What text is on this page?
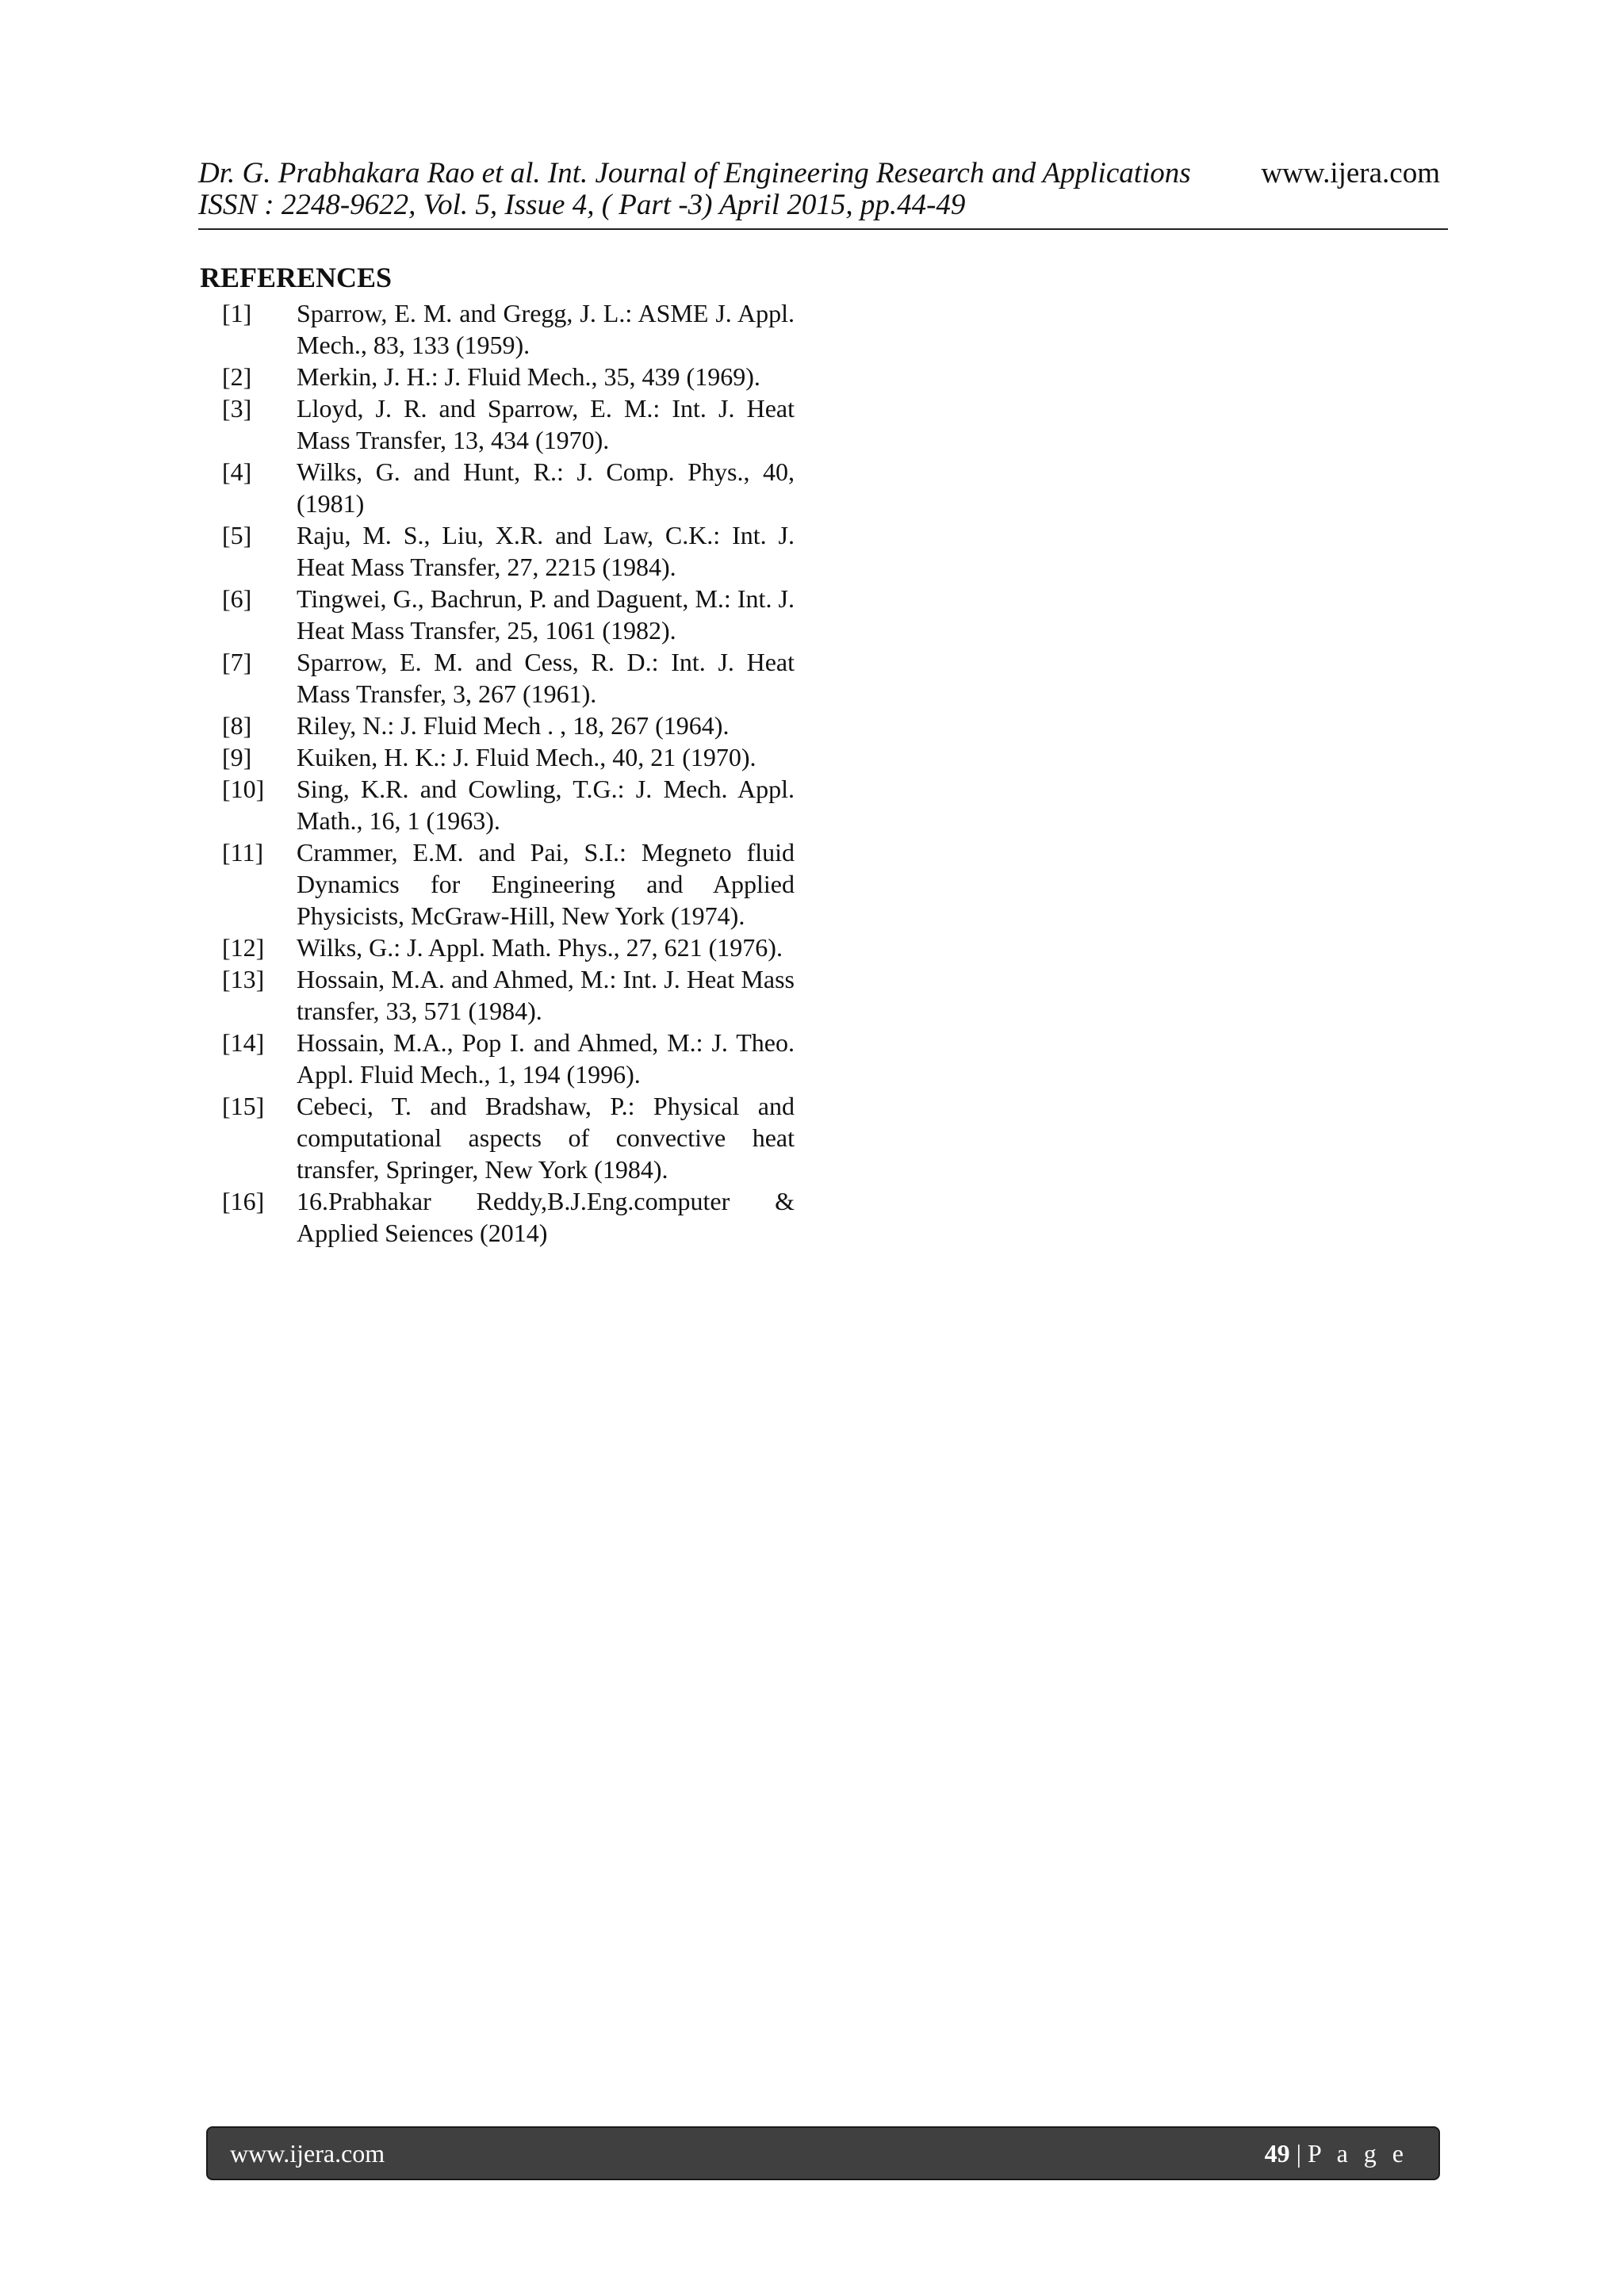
Dr. G. Prabhakara Rao et al. Int. Journal of Engineering Research and Applications www.ijera.com
ISSN : 2248-9622, Vol. 5, Issue 4, ( Part -3) April 2015, pp.44-49
REFERENCES
[1]	Sparrow, E. M. and Gregg, J. L.: ASME J. Appl. Mech., 83, 133 (1959).
[2]	Merkin, J. H.: J. Fluid Mech., 35, 439 (1969).
[3]	Lloyd, J. R. and Sparrow, E. M.: Int. J. Heat Mass Transfer, 13, 434 (1970).
[4]	Wilks, G. and Hunt, R.: J. Comp. Phys., 40, (1981)
[5]	Raju, M. S., Liu, X.R. and Law, C.K.: Int. J. Heat Mass Transfer, 27, 2215 (1984).
[6]	Tingwei, G., Bachrun, P. and Daguent, M.: Int. J. Heat Mass Transfer, 25, 1061 (1982).
[7]	Sparrow, E. M. and Cess, R. D.: Int. J. Heat Mass Transfer, 3, 267 (1961).
[8]	Riley, N.: J. Fluid Mech . , 18, 267 (1964).
[9]	Kuiken, H. K.: J. Fluid Mech., 40, 21 (1970).
[10]	Sing, K.R. and Cowling, T.G.: J. Mech. Appl. Math., 16, 1 (1963).
[11]	Crammer, E.M. and Pai, S.I.: Megneto fluid Dynamics for Engineering and Applied Physicists, McGraw-Hill, New York (1974).
[12]	Wilks, G.: J. Appl. Math. Phys., 27, 621 (1976).
[13]	Hossain, M.A. and Ahmed, M.: Int. J. Heat Mass transfer, 33, 571 (1984).
[14]	Hossain, M.A., Pop I. and Ahmed, M.: J. Theo. Appl. Fluid Mech., 1, 194 (1996).
[15]	Cebeci, T. and Bradshaw, P.: Physical and computational aspects of convective heat transfer, Springer, New York (1984).
[16]	16.Prabhakar Reddy,B.J.Eng.computer & Applied Seiences (2014)
www.ijera.com	49 | P a g e
